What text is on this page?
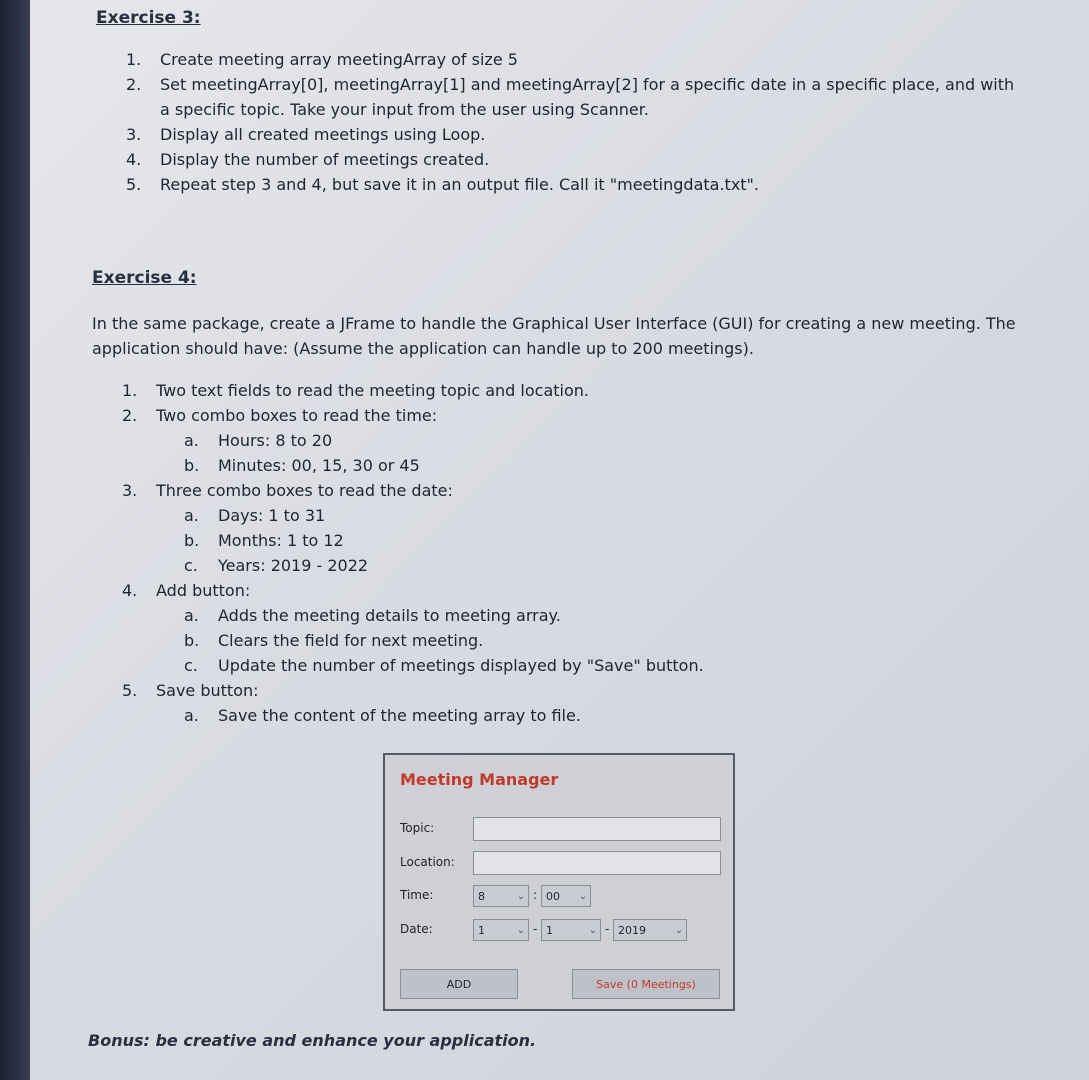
Exercise 3:
1.	Create meeting array meetingArray of size 5
2.	Set meetingArray[0], meetingArray[1] and meetingArray[2] for a specific date in a specific place, and with a specific topic. Take your input from the user using Scanner.
3.	Display all created meetings using Loop.
4.	Display the number of meetings created.
5.	Repeat step 3 and 4, but save it in an output file. Call it "meetingdata.txt".
Exercise 4:
In the same package, create a JFrame to handle the Graphical User Interface (GUI) for creating a new meeting. The application should have: (Assume the application can handle up to 200 meetings).
1.	Two text fields to read the meeting topic and location.
2.	Two combo boxes to read the time:
a.	Hours: 8 to 20
b.	Minutes: 00, 15, 30 or 45
3.	Three combo boxes to read the date:
a.	Days: 1 to 31
b.	Months: 1 to 12
c.	Years: 2019 - 2022
4.	Add button:
a.	Adds the meeting details to meeting array.
b.	Clears the field for next meeting.
c.	Update the number of meetings displayed by "Save" button.
5.	Save button:
a.	Save the content of the meeting array to file.
Meeting Manager
Topic:
Location:
Time:	8	⌄ : 00	⌄
Date:	1	⌄ - 1	⌄ - 2019	⌄
ADD	Save (0 Meetings)
Bonus: be creative and enhance your application.
